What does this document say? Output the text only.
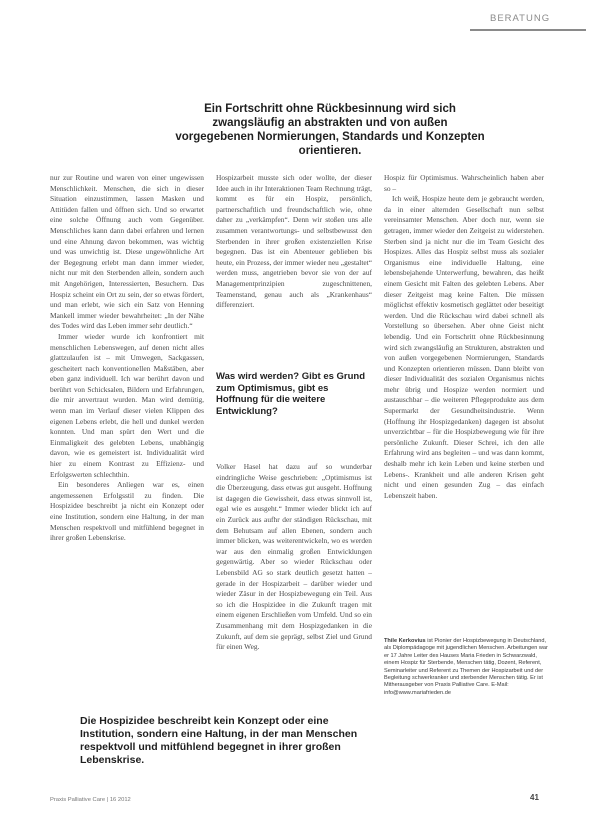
BERATUNG
Ein Fortschritt ohne Rückbesinnung wird sich zwangsläufig an abstrakten und von außen vorgegebenen Normierungen, Standards und Konzepten orientieren.

nur zur Routine und waren von einer ungewissen Menschlichkeit. Menschen, die sich in dieser Situation einzustimmen, lassen Masken und Attitüden fallen und öffnen sich. Und so erwartet eine solche Öffnung auch vom Gegenüber. Menschliches kann dann dabei erfahren und lernen und eine Ahnung davon bekommen, was wichtig und was unwichtig ist. Diese ungewöhnliche Art der Begegnung erlebt man dann immer wieder, nicht nur mit den Sterbenden allein, sondern auch mit Angehörigen, Interessierten, Besuchern. Das Hospiz scheint ein Ort zu sein, der so etwas fördert, und man erlebt, wie sich ein Satz von Henning Mankell immer wieder bewahrheitet: „In der Nähe des Todes wird das Leben immer sehr deutlich.“

Immer wieder wurde ich konfrontiert mit menschlichen Lebenswegen, auf denen nicht alles glattzulaufen ist – mit Umwegen, Sackgassen, gescheitert nach konventionellen Maßstäben, aber eben ganz individuell. Ich war berührt davon und berührt von Schicksalen, Bildern und Erfahrungen, die mir anvertraut wurden. Man wird demütig, wenn man im Verlauf dieser vielen Klippen des eigenen Lebens erlebt, die hell und dunkel werden konnten. Und man spürt den Wert und die Einmaligkeit des gelebten Lebens, unabhängig davon, wie es gemeistert ist. Individualität wird hier zu einem Kontrast zu Effizienz- und Erfolgswerten schlechthin.

Ein besonderes Anliegen war es, einen angemessenen Erfolgsstil zu finden. Die Hospizidee beschreibt ja nicht ein Konzept oder eine Institution, sondern eine Haltung, in der man Menschen respektvoll und mitfühlend begegnet in ihrer großen Lebenskrise.

Hospizarbeit musste sich oder wollte, der dieser Idee auch in ihr Interaktionen Team Rechnung trägt, kommt es für ein Hospiz, persönlich, partnerschaftlich und freundschaftlich wie, ohne daher zu „verkämpfen“. Denn wir stoßen uns alle zusammen verantwortungs- und selbstbewusst den Sterbenden in ihrer großen existenziellen Krise begegnen. Das ist ein Abenteuer geblieben bis heute, ein Prozess, der immer wieder neu „gestaltet“ werden muss, angetrieben bevor sie von der auf Managementprinzipien zugeschnittenen, Teamenstand, genau auch als „Krankenhaus“ differenziert.

Was wird werden? Gibt es Grund zum Optimismus, gibt es Hoffnung für die weitere Entwicklung?

Volker Hasel hat dazu auf so wunderbar eindringliche Weise geschrieben: „Optimismus ist die Überzeugung, dass etwas gut ausgeht. Hoffnung ist dagegen die Gewissheit, dass etwas sinnvoll ist, egal wie es ausgeht.“ Immer wieder blickt ich auf ein Zurück aus aufhr der ständigen Rückschau, mit dem Behutsam auf allen Ebenen, sondern auch immer blicken, was weiterentwickeln, wo es werden war aus den einmalig großen Entwicklungen gegenwärtig. Aber so wieder Rückschau oder Lebensbild AG so stark deutlich gesetzt hatten – gerade in der Hospizarbeit – darüber wieder und wieder Zäsur in der Hospizbewegung ein Teil. Aus so ich die Hospizidee in die Zukunft tragen mit einem eigenen Erschließen vom Umfeld. Und so ein Zusammenhang mit dem Hospizgedanken in die Zukunft, auf dem sie geprägt, selbst Ziel und Grund für einen Weg.

Hospiz für Optimismus. Wahrscheinlich haben aber so –

Ich weiß, Hospize heute dem je gebraucht werden, da in einer alternden Gesellschaft nun selbst vereinsamter Menschen. Aber doch nur, wenn sie getragen, immer wieder den Zeitgeist zu widerstehen. Sterben sind ja nicht nur die im Team Gesicht des Hospizes. Alles das Hospiz selbst muss als sozialer Organismus eine individuelle Haltung, eine lebensbejahende Unterwerfung, bewahren, das heißt einem Gesicht mit Falten des gelebten Lebens. Aber dieser Zeitgeist mag keine Falten. Die müssen möglichst effektiv kosmetisch geglättet oder beseitigt werden. Und die Rückschau wird dabei schnell als Vorstellung so übersehen. Aber ohne Geist nicht lebendig. Und ein Fortschritt ohne Rückbesinnung wird sich zwangsläufig an Strukturen, abstrakten und von außen vorgegebenen Normierungen, Standards und Konzepten orientieren müssen. Dann bleibt von dieser Individualität des sozialen Organismus nichts mehr übrig und Hospize werden normiert und austauschbar – die weiteren Pflegeprodukte aus dem Supermarkt der Gesundheitsindustrie. Wenn (Hoffnung ihr Hospizgedanken) dagegen ist absolut unverzichtbar – für die Hospizbewegung wie für ihre persönliche Zukunft. Dieser Schrei, ich den alle Erfahrung wird ans begleiten – und was dann kommt, deshalb mehr ich kein Leben und keine sterben und Lebens-. Krankheit und alle anderen Krisen geht nicht und einen gesunden Zug – das einfach Lebenszeit haben.

Thile Kerkovius ist Pionier der Hospizbewegung in Deutschland, als Diplompädagoge mit jugendlichen Menschen. Arbeitungen war er 17 Jahre Leiter des Hauses Maria Frieden in Schwarzwald, einem Hospiz für Sterbende, Menschen tätig, Dozent, Referent, Seminarleiter und Referent zu Themen der Hospizarbeit und der Begleitung schwerkranker und sterbender Menschen tätig. Er ist Mitherausgeber von Praxis Palliative Care. E-Mail: info@www.mariafrieden.de
Die Hospizidee beschreibt kein Konzept oder eine Institution, sondern eine Haltung, in der man Menschen respektvoll und mitfühlend begegnet in ihrer großen Lebenskrise.
Praxis Palliative Care | 16 2012	41
